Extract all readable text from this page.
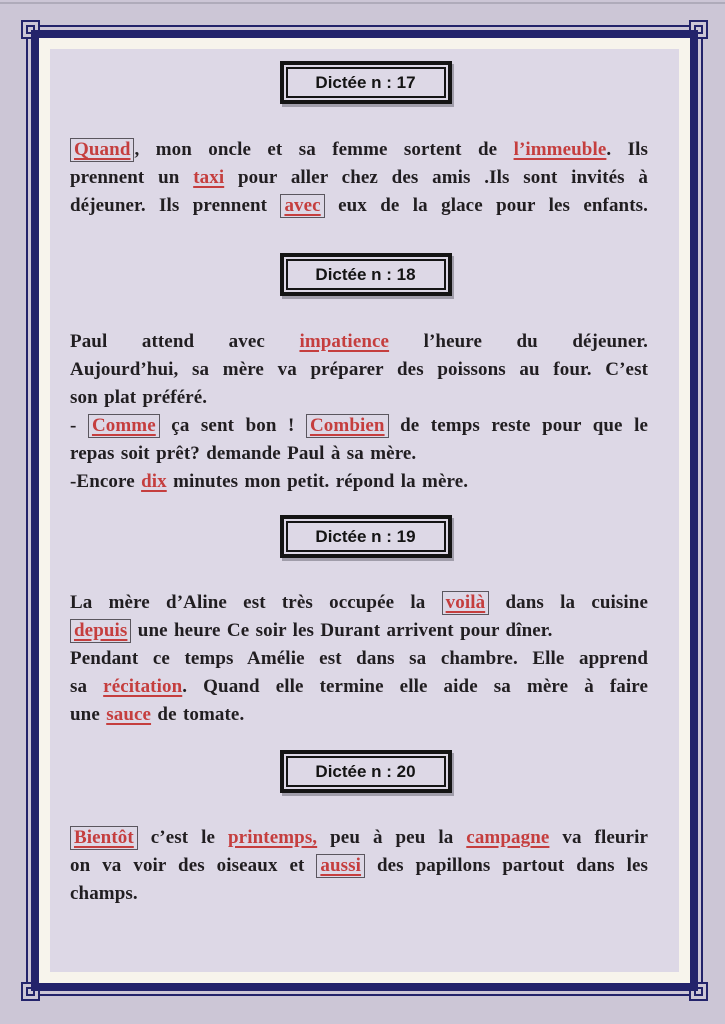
Dictée n : 17
Quand , mon oncle et sa femme sortent de l’immeuble. Ils
prennent un taxi pour aller chez des amis .Ils sont invités à
déjeuner. Ils prennent avec eux de la glace pour les enfants.
Dictée n : 18
Paul attend avec impatience l’heure du déjeuner.
Aujourd’hui, sa mère va préparer des poissons au four. C’est
son plat préféré.
- Comme ça sent bon ! Combien de temps reste pour que le
repas soit prêt? demande Paul à sa mère.
-Encore dix minutes mon petit. répond la mère.
Dictée n : 19
La mère d’Aline est très occupée la voilà dans la cuisine
depuis une heure Ce soir les Durant arrivent pour dîner.
Pendant ce temps Amélie est dans sa chambre. Elle apprend
sa récitation. Quand elle termine elle aide sa mère à faire
une sauce de tomate.
Dictée n : 20
Bientôt c’est le printemps, peu à peu la campagne va fleurir
on va voir des oiseaux et aussi des papillons partout dans les
champs.
